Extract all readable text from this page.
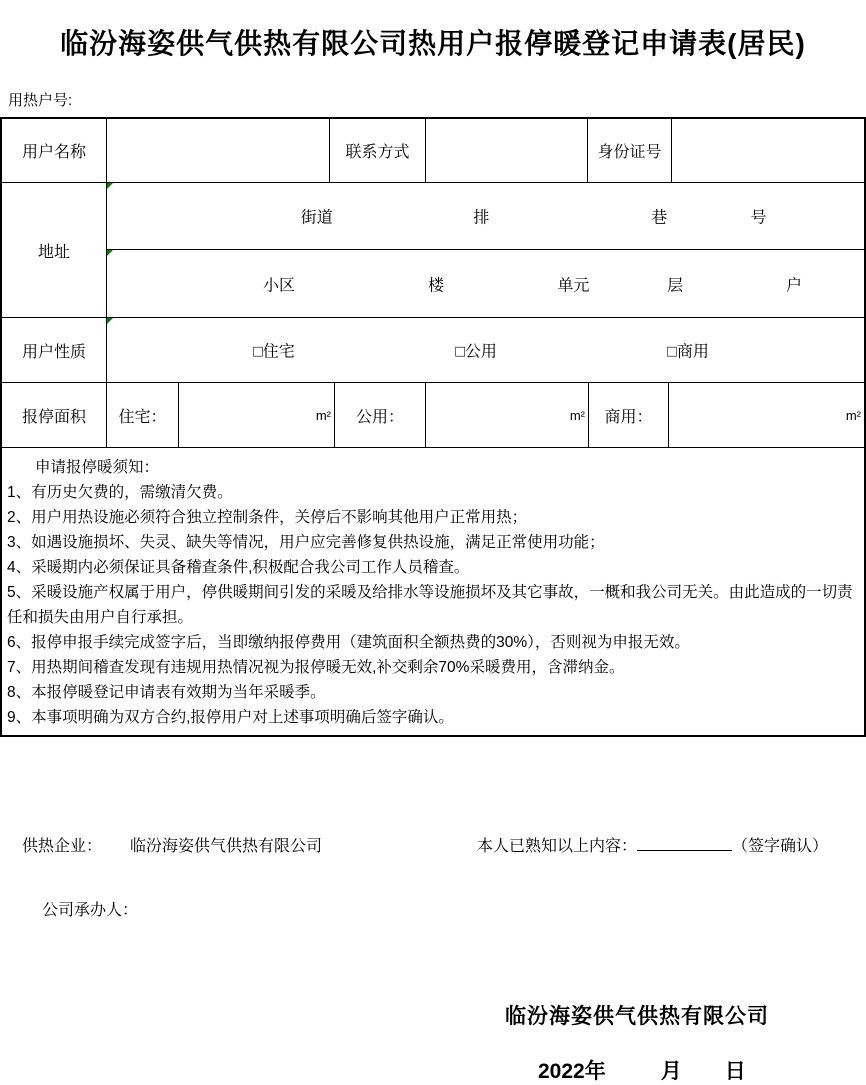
临汾海姿供气供热有限公司热用户报停暖登记申请表(居民)
用热户号:
用户名称	联系方式	身份证号
地址
街道	排	巷	号
小区	楼	单元	层	户
用户性质	□住宅	□公用	□商用
报停面积	住宅：	m²	公用：	m²	商用：	m²
申请报停暖须知：
1、有历史欠费的，需缴清欠费。
2、用户用热设施必须符合独立控制条件，关停后不影响其他用户正常用热；
3、如遇设施损坏、失灵、缺失等情况，用户应完善修复供热设施，满足正常使用功能；
4、采暖期内必须保证具备稽查条件,积极配合我公司工作人员稽查。
5、采暖设施产权属于用户，停供暖期间引发的采暖及给排水等设施损坏及其它事故，一概和我公司无关。由此造成的一切责任和损失由用户自行承担。
6、报停申报手续完成签字后，当即缴纳报停费用（建筑面积全额热费的30%），否则视为申报无效。
7、用热期间稽查发现有违规用热情况视为报停暖无效,补交剩余70%采暖费用，含滞纳金。
8、本报停暖登记申请表有效期为当年采暖季。
9、本事项明确为双方合约,报停用户对上述事项明确后签字确认。
供热企业： 临汾海姿供气供热有限公司	本人已熟知以上内容：	（签字确认）
公司承办人：
临汾海姿供气供热有限公司
2022年	月 日
